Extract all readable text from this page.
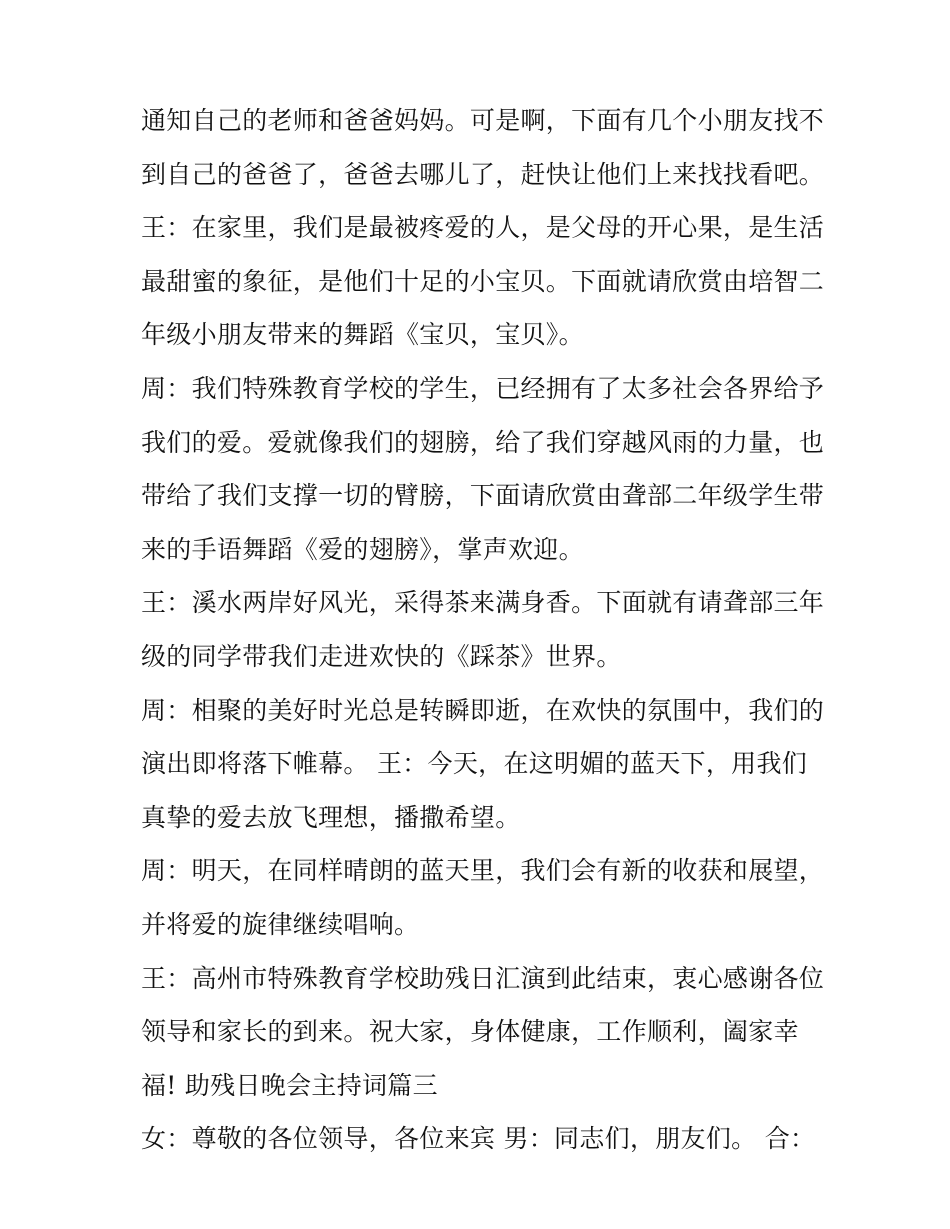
通知自己的老师和爸爸妈妈。可是啊，下面有几个小朋友找不
到自己的爸爸了，爸爸去哪儿了，赶快让他们上来找找看吧。
王：在家里，我们是最被疼爱的人，是父母的开心果，是生活
最甜蜜的象征，是他们十足的小宝贝。下面就请欣赏由培智二
年级小朋友带来的舞蹈《宝贝，宝贝》。
周：我们特殊教育学校的学生，已经拥有了太多社会各界给予
我们的爱。爱就像我们的翅膀，给了我们穿越风雨的力量，也
带给了我们支撑一切的臂膀，下面请欣赏由聋部二年级学生带
来的手语舞蹈《爱的翅膀》，掌声欢迎。
王：溪水两岸好风光，采得茶来满身香。下面就有请聋部三年
级的同学带我们走进欢快的《踩茶》世界。
周：相聚的美好时光总是转瞬即逝，在欢快的氛围中，我们的
演出即将落下帷幕。 王：今天，在这明媚的蓝天下，用我们
真挚的爱去放飞理想，播撒希望。
周：明天，在同样晴朗的蓝天里，我们会有新的收获和展望，
并将爱的旋律继续唱响。
王：高州市特殊教育学校助残日汇演到此结束，衷心感谢各位
领导和家长的到来。祝大家，身体健康，工作顺利，阖家幸
福! 助残日晚会主持词篇三
女：尊敬的各位领导，各位来宾 男：同志们，朋友们。 合：
